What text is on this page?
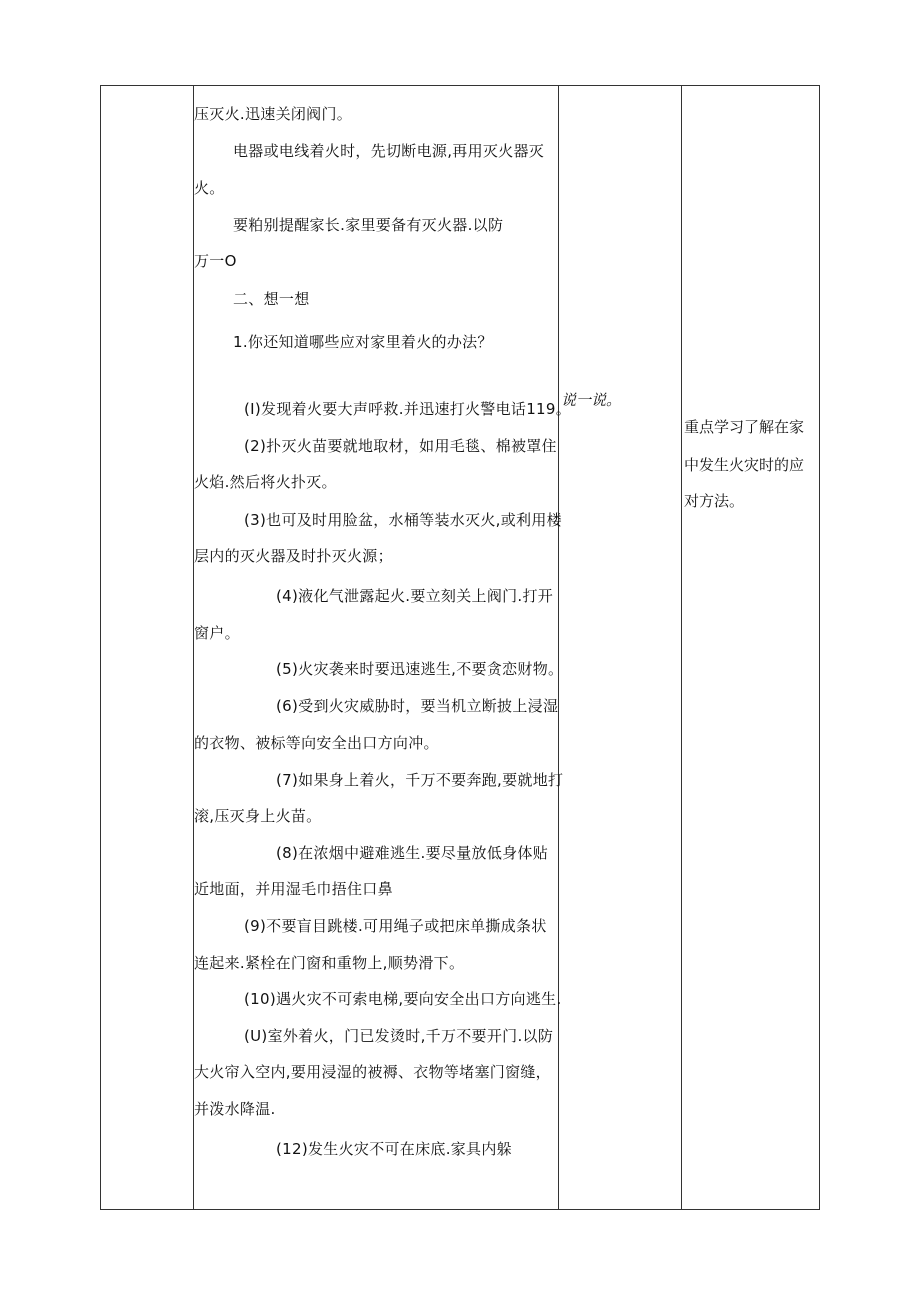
压灭火.迅速关闭阀门。
电器或电线着火时，先切断电源,再用灭火器灭
火。
要粕别提醒家长.家里要备有灭火器.以防
万一O
二、想一想
1.你还知道哪些应对家里着火的办法？
(I)发现着火要大声呼救.并迅速打火警电话119。
(2)扑灭火苗要就地取材，如用毛毯、棉被罩住
火焰.然后将火扑灭。
(3)也可及时用脸盆，水桶等装水灭火,或利用楼
层内的灭火器及时扑灭火源；
(4)液化气泄露起火.要立刻关上阀门.打开
窗户。
(5)火灾袭来时要迅速逃生,不要贪恋财物。
(6)受到火灾威胁时，要当机立断披上浸湿
的衣物、被标等向安全出口方向冲。
(7)如果身上着火，千万不要奔跑,要就地打
滚,压灭身上火苗。
(8)在浓烟中避难逃生.要尽量放低身体贴
近地面，并用湿毛巾捂住口鼻
(9)不要盲目跳楼.可用绳子或把床单撕成条状
连起来.紧栓在门窗和重物上,顺势滑下。
(10)遇火灾不可索电梯,要向安全出口方向逃生.
(U)室外着火，门已发烫时,千万不要开门.以防
大火帘入空内,要用浸湿的被褥、衣物等堵塞门窗缝，
并泼水降温.
(12)发生火灾不可在床底.家具内躲
说一说。
重点学习了解在家
中发生火灾时的应
对方法。
